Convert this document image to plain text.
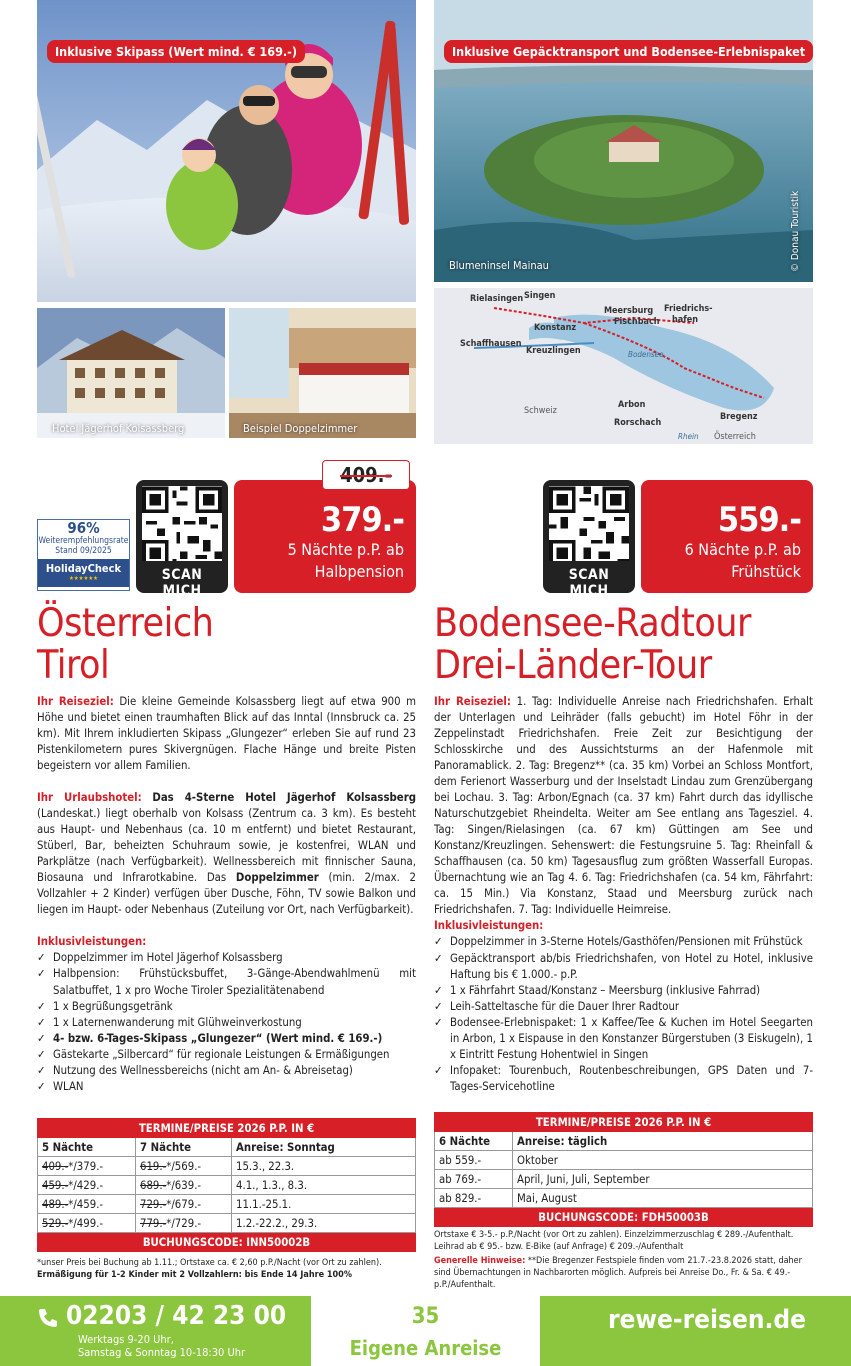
Inklusive Skipass (Wert mind. € 169.-)
Hotel Jägerhof Kolsassberg	Beispiel Doppelzimmer
Inklusive Gepäcktransport und Bodensee-Erlebnispaket
Blumeninsel Mainau	© Donau Touristik
Rielasingen Singen
Meersburg Friedrichs-
hafen
Fischbach
Konstanz
Schaffhausen
Kreuzlingen	Bodensee
Schweiz
Arbon
Rorschach
Bregenz
Rhein Österreich
96%
Weiterempfehlungsrate
Stand 09/2025
HolidayCheck
★★★★★★	SCAN MICH
379.-
5 Nächte p.P. ab
Halbpension
409.-
SCAN MICH
559.-
6 Nächte p.P. ab
Frühstück
Österreich
Tirol
Bodensee-Radtour
Drei-Länder-Tour

Ihr Reiseziel: Die kleine Gemeinde Kolsassberg liegt auf etwa 900 m Höhe und bietet einen traumhaften Blick auf das Inntal (Innsbruck ca. 25 km). Mit Ihrem inkludierten Skipass „Glungezer“ erleben Sie auf rund 23 Pistenkilometern pures Skivergnügen. Flache Hänge und breite Pisten begeistern vor allem Familien.

Ihr Urlaubshotel: Das 4-Sterne Hotel Jägerhof Kolsassberg (Landeskat.) liegt oberhalb von Kolsass (Zentrum ca. 3 km). Es besteht aus Haupt- und Nebenhaus (ca. 10 m entfernt) und bietet Restaurant, Stüberl, Bar, beheizten Schuhraum sowie, je kostenfrei, WLAN und Parkplätze (nach Verfügbarkeit). Wellnessbereich mit finnischer Sauna, Biosauna und Infrarotkabine. Das Doppelzimmer (min. 2/max. 2 Vollzahler + 2 Kinder) verfügen über Dusche, Föhn, TV sowie Balkon und liegen im Haupt- oder Nebenhaus (Zuteilung vor Ort, nach Verfügbarkeit).

Inklusivleistungen:

✓ Doppelzimmer im Hotel Jägerhof Kolsassberg
✓ Halbpension: Frühstücksbuffet, 3-Gänge-Abendwahlmenü mit Salatbuffet, 1 x pro Woche Tiroler Spezialitätenabend
✓ 1 x Begrüßungsgetränk
✓ 1 x Laternenwanderung mit Glühweinverkostung
✓ 4- bzw. 6-Tages-Skipass „Glungezer“ (Wert mind. € 169.-)
✓ Gästekarte „Silbercard“ für regionale Leistungen & Ermäßigungen
✓ Nutzung des Wellnessbereichs (nicht am An- & Abreisetag)
✓ WLAN
TERMINE/PREISE 2026 P.P. IN €		
5 Nächte	7 Nächte	Anreise: Sonntag
409.-*/379.-	619.-*/569.-	15.3., 22.3.
459.-*/429.-	689.-*/639.-	4.1., 1.3., 8.3.
489.-*/459.-	729.-*/679.-	11.1.-25.1.
529.-*/499.-	779.-*/729.-	1.2.-22.2., 29.3.
BUCHUNGSCODE: INN50002B		
*unser Preis bei Buchung ab 1.11.; Ortstaxe ca. € 2,60 p.P./Nacht (vor Ort zu zahlen). Ermäßigung für 1-2 Kinder mit 2 Vollzahlern: bis Ende 14 Jahre 100%

Ihr Reiseziel: 1. Tag: Individuelle Anreise nach Friedrichshafen. Erhalt der Unterlagen und Leihräder (falls gebucht) im Hotel Föhr in der Zeppelinstadt Friedrichshafen. Freie Zeit zur Besichtigung der Schlosskirche und des Aussichtsturms an der Hafenmole mit Panoramablick. 2. Tag: Bregenz** (ca. 35 km) Vorbei an Schloss Montfort, dem Ferienort Wasserburg und der Inselstadt Lindau zum Grenzübergang bei Lochau. 3. Tag: Arbon/Egnach (ca. 37 km) Fahrt durch das idyllische Naturschutzgebiet Rheindelta. Weiter am See entlang ans Tagesziel. 4. Tag: Singen/Rielasingen (ca. 67 km) Güttingen am See und Konstanz/Kreuzlingen. Sehenswert: die Festungsruine 5. Tag: Rheinfall & Schaffhausen (ca. 50 km) Tagesausflug zum größten Wasserfall Europas. Übernachtung wie an Tag 4. 6. Tag: Friedrichshafen (ca. 54 km, Fährfahrt: ca. 15 Min.) Via Konstanz, Staad und Meersburg zurück nach Friedrichshafen. 7. Tag: Individuelle Heimreise.

Inklusivleistungen:

✓ Doppelzimmer in 3-Sterne Hotels/Gasthöfen/Pensionen mit Frühstück
✓ Gepäcktransport ab/bis Friedrichshafen, von Hotel zu Hotel, inklusive Haftung bis € 1.000.- p.P.
✓ 1 x Fährfahrt Staad/Konstanz – Meersburg (inklusive Fahrrad)
✓ Leih-Satteltasche für die Dauer Ihrer Radtour
✓ Bodensee-Erlebnispaket: 1 x Kaffee/Tee & Kuchen im Hotel Seegarten in Arbon, 1 x Eispause in den Konstanzer Bürgerstuben (3 Eiskugeln), 1 x Eintritt Festung Hohentwiel in Singen
✓ Infopaket: Tourenbuch, Routenbeschreibungen, GPS Daten und 7-Tages-Servicehotline
TERMINE/PREISE 2026 P.P. IN €	
6 Nächte	Anreise: täglich
ab 559.-	Oktober
ab 769.-	April, Juni, Juli, September
ab 829.-	Mai, August
BUCHUNGSCODE: FDH50003B	

Ortstaxe € 3-5.- p.P./Nacht (vor Ort zu zahlen). Einzelzimmerzuschlag € 289.-/Aufenthalt. Leihrad ab € 95.- bzw. E-Bike (auf Anfrage) € 209.-/Aufenthalt

Generelle Hinweise: **Die Bregenzer Festspiele finden vom 21.7.-23.8.2026 statt, daher sind Übernachtungen in Nachbarorten möglich. Aufpreis bei Anreise Do., Fr. & Sa. € 49.- p.P./Aufenthalt.

02203 / 42 23 00
Werktags 9-20 Uhr,
Samstag & Sonntag 10-18:30 Uhr
35
Eigene Anreise
rewe-reisen.de
